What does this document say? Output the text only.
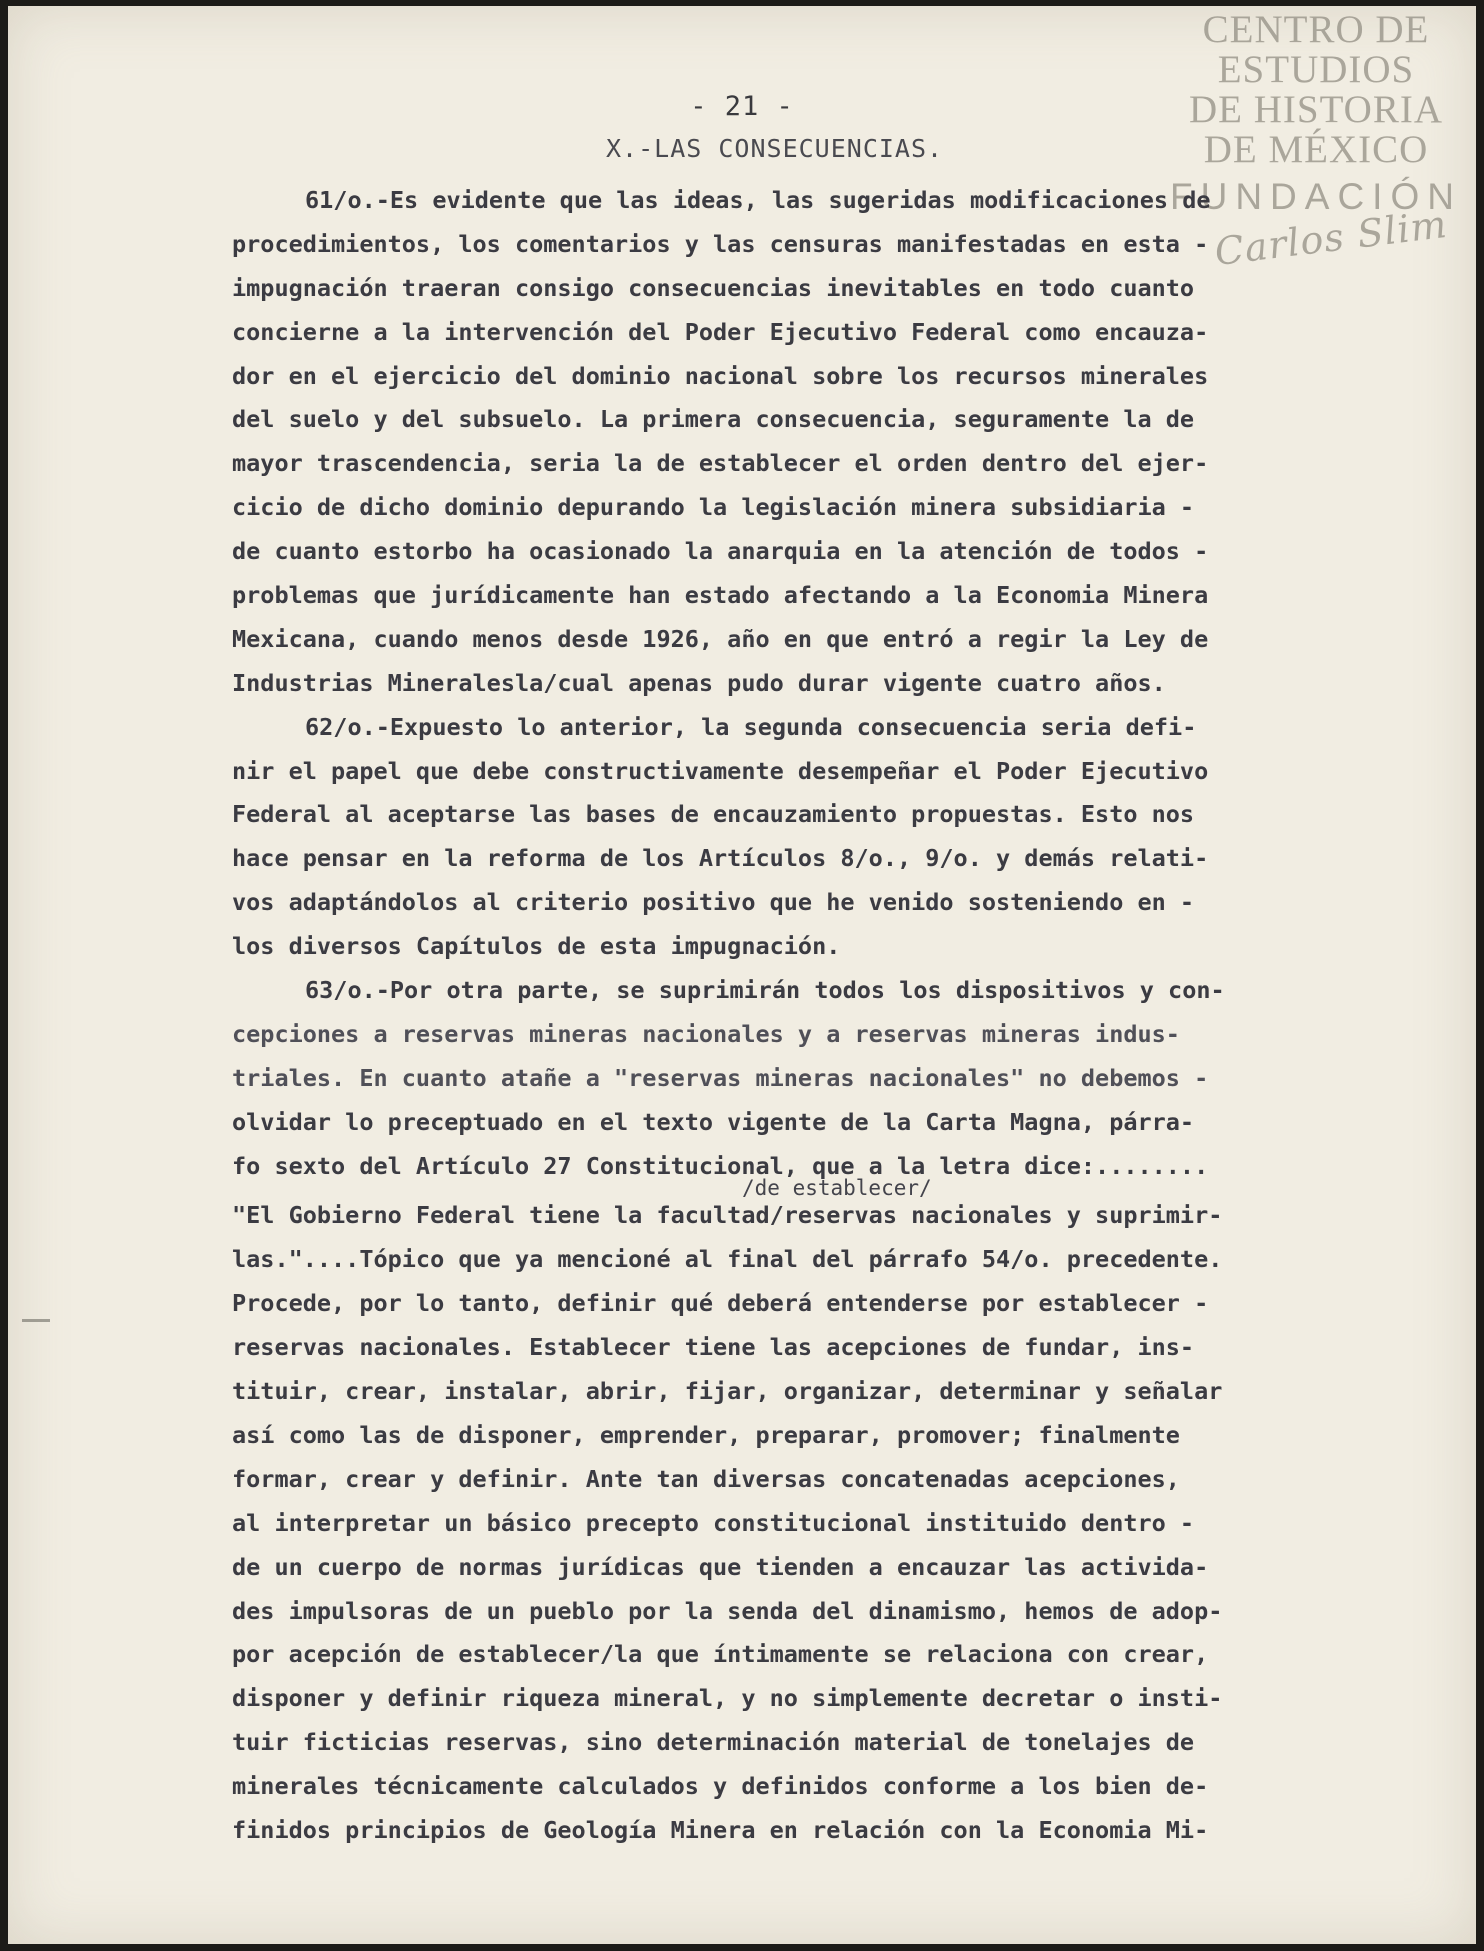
CENTRO DE
ESTUDIOS
DE HISTORIA
DE MÉXICO
FUNDACIÓN
Carlos Slim
- 21 -
X.-LAS CONSECUENCIAS.
61/o.-Es evidente que las ideas, las sugeridas modificaciones de
procedimientos, los comentarios y las censuras manifestadas en esta -
impugnación traeran consigo consecuencias inevitables en todo cuanto
concierne a la intervención del Poder Ejecutivo Federal como encauza-
dor en el ejercicio del dominio nacional sobre los recursos minerales
del suelo y del subsuelo. La primera consecuencia, seguramente la de
mayor trascendencia, seria la de establecer el orden dentro del ejer-
cicio de dicho dominio depurando la legislación minera subsidiaria -
de cuanto estorbo ha ocasionado la anarquia en la atención de todos -
problemas que jurídicamente han estado afectando a la Economia Minera
Mexicana, cuando menos desde 1926, año en que entró a regir la Ley de
Industrias Mineralesla/cual apenas pudo durar vigente cuatro años.
62/o.-Expuesto lo anterior, la segunda consecuencia seria defi-
nir el papel que debe constructivamente desempeñar el Poder Ejecutivo
Federal al aceptarse las bases de encauzamiento propuestas. Esto nos
hace pensar en la reforma de los Artículos 8/o., 9/o. y demás relati-
vos adaptándolos al criterio positivo que he venido sosteniendo en -
los diversos Capítulos de esta impugnación.
63/o.-Por otra parte, se suprimirán todos los dispositivos y con-
cepciones a reservas mineras nacionales y a reservas mineras indus-
triales. En cuanto atañe a "reservas mineras nacionales" no debemos -
olvidar lo preceptuado en el texto vigente de la Carta Magna, párra-
fo sexto del Artículo 27 Constitucional, que a la letra dice:........
/de establecer/
"El Gobierno Federal tiene la facultad/reservas nacionales y suprimir-
las."....Tópico que ya mencioné al final del párrafo 54/o. precedente.
Procede, por lo tanto, definir qué deberá entenderse por establecer -
reservas nacionales. Establecer tiene las acepciones de fundar, ins-
tituir, crear, instalar, abrir, fijar, organizar, determinar y señalar
así como las de disponer, emprender, preparar, promover; finalmente
formar, crear y definir. Ante tan diversas concatenadas acepciones,
al interpretar un básico precepto constitucional instituido dentro -
de un cuerpo de normas jurídicas que tienden a encauzar las activida-
des impulsoras de un pueblo por la senda del dinamismo, hemos de adop-
por acepción de establecer/la que íntimamente se relaciona con crear,
disponer y definir riqueza mineral, y no simplemente decretar o insti-
tuir ficticias reservas, sino determinación material de tonelajes de
minerales técnicamente calculados y definidos conforme a los bien de-
finidos principios de Geología Minera en relación con la Economia Mi-
